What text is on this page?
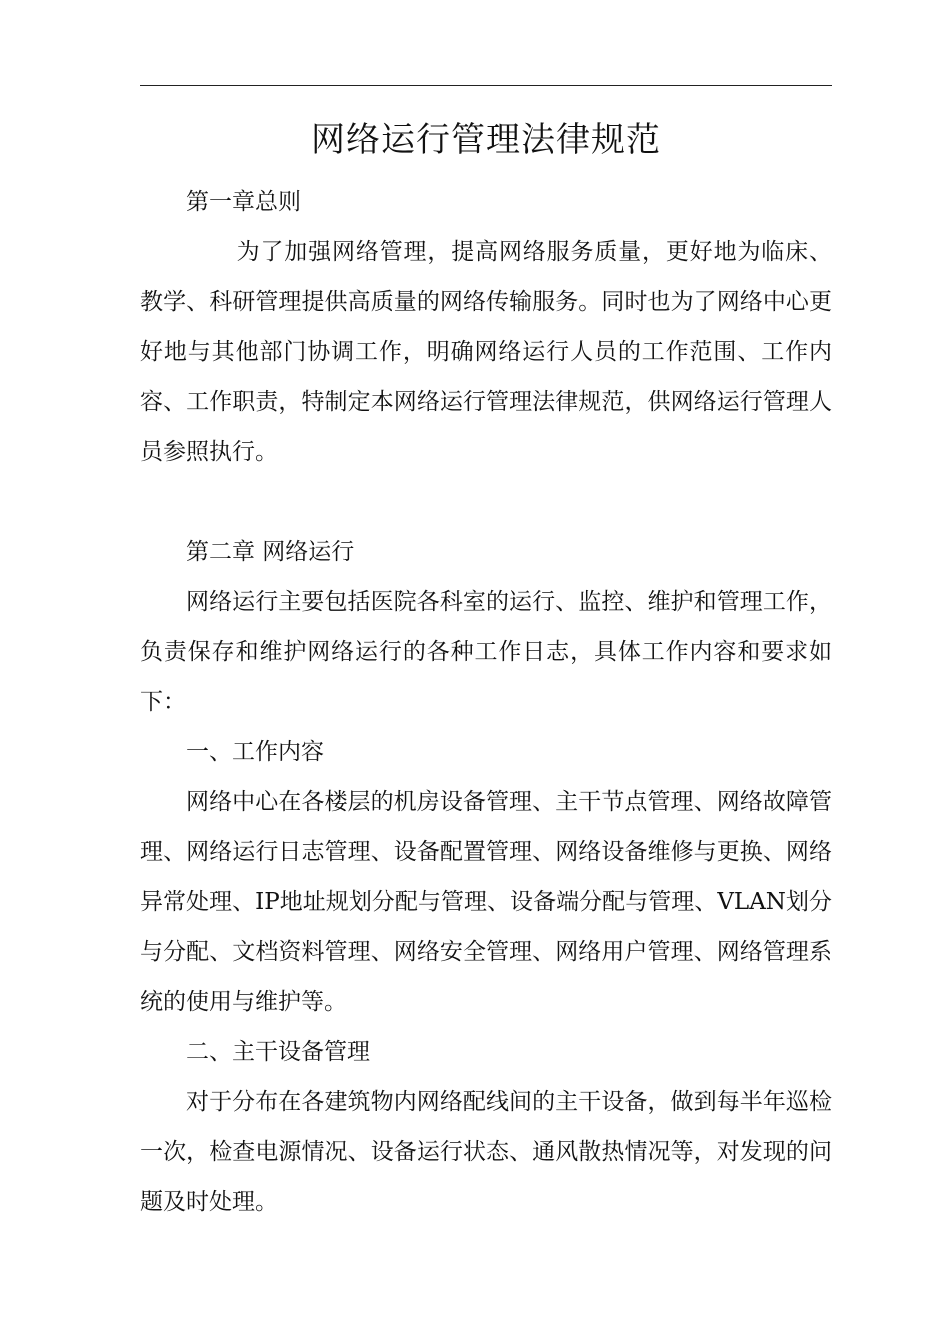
网络运行管理法律规范

第一章总则

为了加强网络管理，提高网络服务质量，更好地为临床、教学、科研管理提供高质量的网络传输服务。同时也为了网络中心更好地与其他部门协调工作，明确网络运行人员的工作范围、工作内容、工作职责，特制定本网络运行管理法律规范，供网络运行管理人员参照执行。

第二章 网络运行

网络运行主要包括医院各科室的运行、监控、维护和管理工作，负责保存和维护网络运行的各种工作日志，具体工作内容和要求如下：

一、工作内容

网络中心在各楼层的机房设备管理、主干节点管理、网络故障管理、网络运行日志管理、设备配置管理、网络设备维修与更换、网络异常处理、IP地址规划分配与管理、设备端分配与管理、VLAN划分与分配、文档资料管理、网络安全管理、网络用户管理、网络管理系统的使用与维护等。

二、主干设备管理

对于分布在各建筑物内网络配线间的主干设备，做到每半年巡检一次，检查电源情况、设备运行状态、通风散热情况等，对发现的问题及时处理。
